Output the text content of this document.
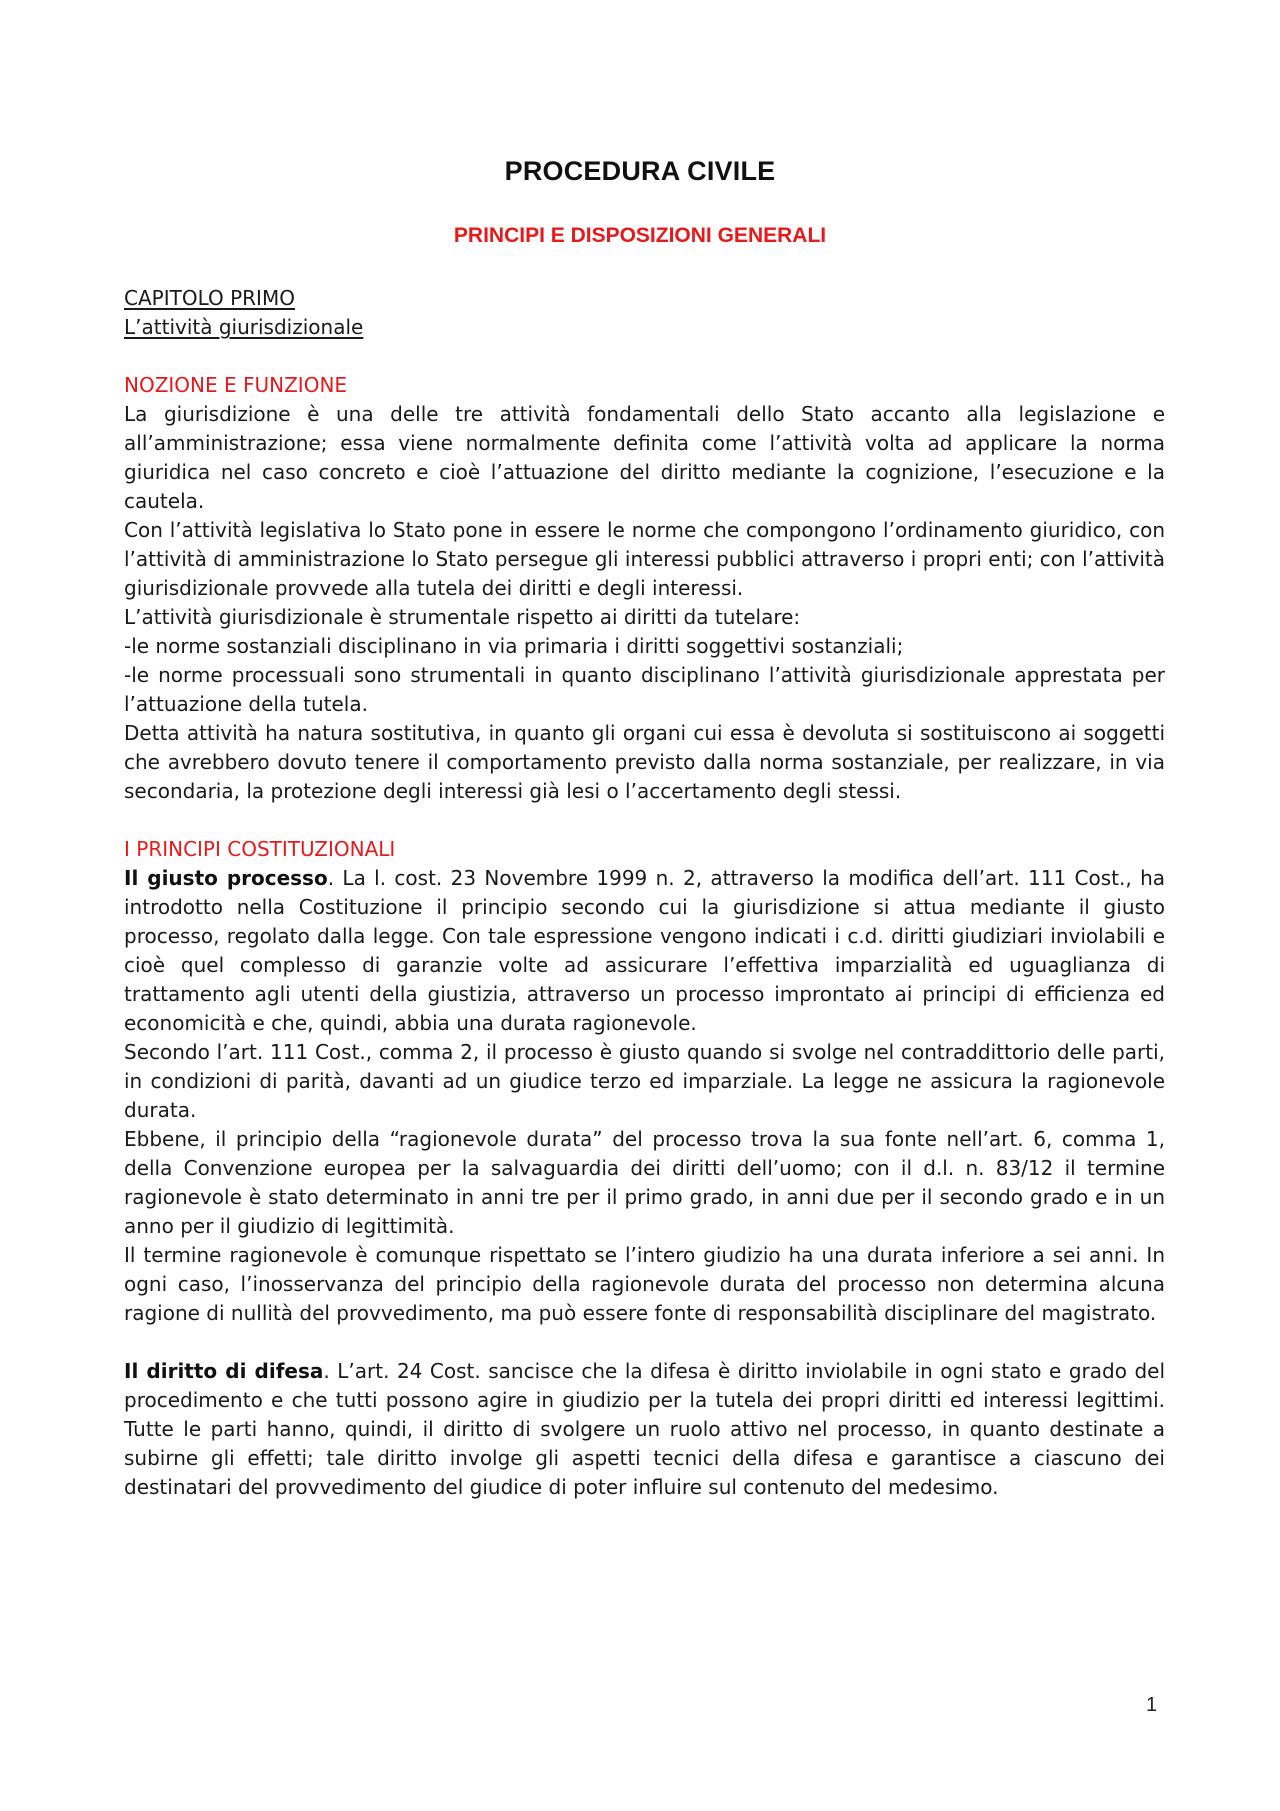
PROCEDURA CIVILE
PRINCIPI E DISPOSIZIONI GENERALI
CAPITOLO PRIMO
L’attività giurisdizionale
NOZIONE E FUNZIONE
La giurisdizione è una delle tre attività fondamentali dello Stato accanto alla legislazione e all’amministrazione; essa viene normalmente definita come l’attività volta ad applicare la norma giuridica nel caso concreto e cioè l’attuazione del diritto mediante la cognizione, l’esecuzione e la cautela.
Con l’attività legislativa lo Stato pone in essere le norme che compongono l’ordinamento giuridico, con l’attività di amministrazione lo Stato persegue gli interessi pubblici attraverso i propri enti; con l’attività giurisdizionale provvede alla tutela dei diritti e degli interessi.
L’attività giurisdizionale è strumentale rispetto ai diritti da tutelare:
-le norme sostanziali disciplinano in via primaria i diritti soggettivi sostanziali;
-le norme processuali sono strumentali in quanto disciplinano l’attività giurisdizionale apprestata per l’attuazione della tutela.
Detta attività ha natura sostitutiva, in quanto gli organi cui essa è devoluta si sostituiscono ai soggetti che avrebbero dovuto tenere il comportamento previsto dalla norma sostanziale, per realizzare, in via secondaria, la protezione degli interessi già lesi o l’accertamento degli stessi.
I PRINCIPI COSTITUZIONALI
Il giusto processo. La l. cost. 23 Novembre 1999 n. 2, attraverso la modifica dell’art. 111 Cost., ha introdotto nella Costituzione il principio secondo cui la giurisdizione si attua mediante il giusto processo, regolato dalla legge. Con tale espressione vengono indicati i c.d. diritti giudiziari inviolabili e cioè quel complesso di garanzie volte ad assicurare l’effettiva imparzialità ed uguaglianza di trattamento agli utenti della giustizia, attraverso un processo improntato ai principi di efficienza ed economicità e che, quindi, abbia una durata ragionevole.
Secondo l’art. 111 Cost., comma 2, il processo è giusto quando si svolge nel contraddittorio delle parti, in condizioni di parità, davanti ad un giudice terzo ed imparziale. La legge ne assicura la ragionevole durata.
Ebbene, il principio della “ragionevole durata” del processo trova la sua fonte nell’art. 6, comma 1, della Convenzione europea per la salvaguardia dei diritti dell’uomo; con il d.l. n. 83/12 il termine ragionevole è stato determinato in anni tre per il primo grado, in anni due per il secondo grado e in un anno per il giudizio di legittimità.
Il termine ragionevole è comunque rispettato se l’intero giudizio ha una durata inferiore a sei anni. In ogni caso, l’inosservanza del principio della ragionevole durata del processo non determina alcuna ragione di nullità del provvedimento, ma può essere fonte di responsabilità disciplinare del magistrato.
Il diritto di difesa. L’art. 24 Cost. sancisce che la difesa è diritto inviolabile in ogni stato e grado del procedimento e che tutti possono agire in giudizio per la tutela dei propri diritti ed interessi legittimi. Tutte le parti hanno, quindi, il diritto di svolgere un ruolo attivo nel processo, in quanto destinate a subirne gli effetti; tale diritto involge gli aspetti tecnici della difesa e garantisce a ciascuno dei destinatari del provvedimento del giudice di poter influire sul contenuto del medesimo.
1
